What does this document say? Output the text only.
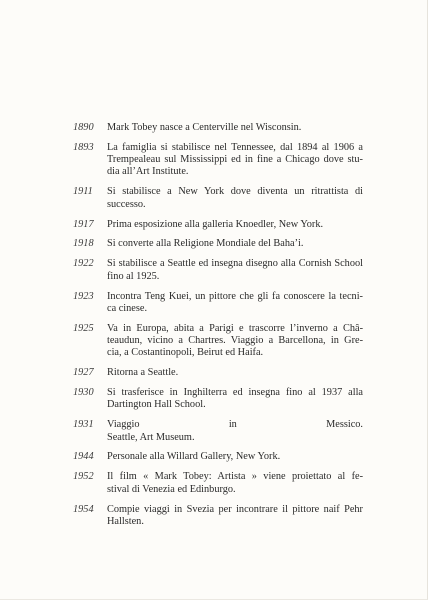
1890	Mark Tobey nasce a Centerville nel Wisconsin.
1893	La famiglia si stabilisce nel Tennessee, dal 1894 al 1906 a
Trempealeau sul Mississippi ed in fine a Chicago dove stu-
dia all’Art Institute.
1911	Si stabilisce a New York dove diventa un ritrattista di
successo.
1917	Prima esposizione alla galleria Knoedler, New York.
1918	Si converte alla Religione Mondiale del Baha’i.
1922	Si stabilisce a Seattle ed insegna disegno alla Cornish School
fino al 1925.
1923	Incontra Teng Kuei, un pittore che gli fa conoscere la tecni-
ca cinese.
1925	Va in Europa, abita a Parigi e trascorre l’inverno a Châ-
teaudun, vicino a Chartres. Viaggio a Barcellona, in Gre-
cia, a Costantinopoli, Beirut ed Haifa.
1927	Ritorna a Seattle.
1930	Si trasferisce in Inghilterra ed insegna fino al 1937 alla
Dartington Hall School.
1931	Viaggio in Messico.
Seattle, Art Museum.
1944	Personale alla Willard Gallery, New York.
1952	Il film « Mark Tobey: Artista » viene proiettato al fe-
stival di Venezia ed Edinburgo.
1954	Compie viaggi in Svezia per incontrare il pittore naif Pehr
Hallsten.
